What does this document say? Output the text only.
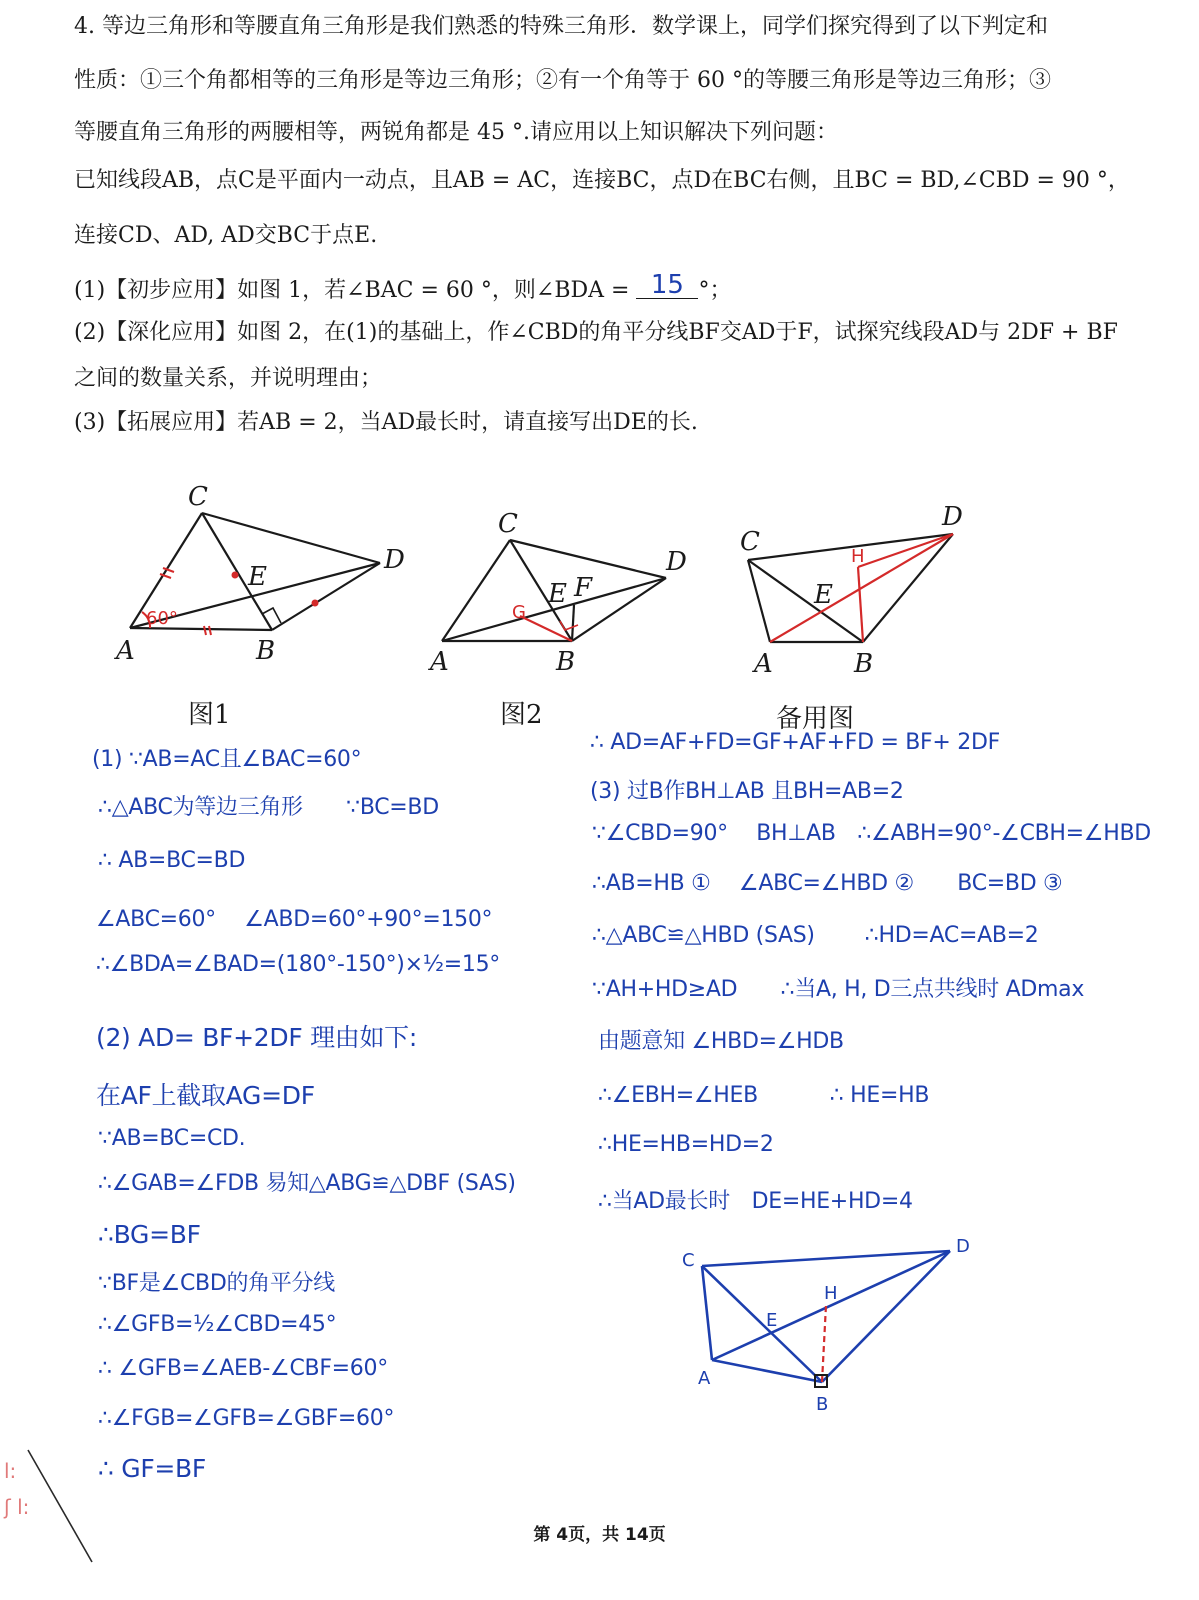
4. 等边三角形和等腰直角三角形是我们熟悉的特殊三角形．数学课上，同学们探究得到了以下判定和
性质：①三个角都相等的三角形是等边三角形；②有一个角等于 60 °的等腰三角形是等边三角形；③
等腰直角三角形的两腰相等，两锐角都是 45 °.请应用以上知识解决下列问题：
已知线段AB，点C是平面内一动点，且AB = AC，连接BC，点D在BC右侧，且BC = BD,∠CBD = 90 °，
连接CD、AD, AD交BC于点E.
(1)【初步应用】如图 1，若∠BAC = 60 °，则∠BDA = 15 °；
(2)【深化应用】如图 2，在(1)的基础上，作∠CBD的角平分线BF交AD于F，试探究线段AD与 2DF + BF
之间的数量关系，并说明理由；
(3)【拓展应用】若AB = 2，当AD最长时，请直接写出DE的长.
60°
C
D
E
A	B
C
D
E F
G
A	B
C
D
E
H
A	B
C
D
E
H
A
B
l:
ʃ l:
图1	图2	备用图
(1) ∵AB=AC且∠BAC=60°
∴△ABC为等边三角形　　∵BC=BD
∴ AB=BC=BD
∠ABC=60°　 ∠ABD=60°+90°=150°
∴∠BDA=∠BAD=(180°-150°)×½=15°
(2) AD= BF+2DF 理由如下:
在AF上截取AG=DF
∵AB=BC=CD.
∴∠GAB=∠FDB 易知△ABG≌△DBF (SAS)
∴BG=BF
∵BF是∠CBD的角平分线
∴∠GFB=½∠CBD=45°
∴ ∠GFB=∠AEB-∠CBF=60°
∴∠FGB=∠GFB=∠GBF=60°
∴ GF=BF
∴ AD=AF+FD=GF+AF+FD = BF+ 2DF
(3) 过B作BH⊥AB 且BH=AB=2
∵∠CBD=90°　 BH⊥AB　∴∠ABH=90°-∠CBH=∠HBD
∴AB=HB ①　 ∠ABC=∠HBD ②　　BC=BD ③
∴△ABC≌△HBD (SAS)　　 ∴HD=AC=AB=2
∵AH+HD≥AD　　∴当A, H, D三点共线时 ADmax
由题意知 ∠HBD=∠HDB
∴∠EBH=∠HEB　　　 ∴ HE=HB
∴HE=HB=HD=2
∴当AD最长时　DE=HE+HD=4
第 4页，共 14页
